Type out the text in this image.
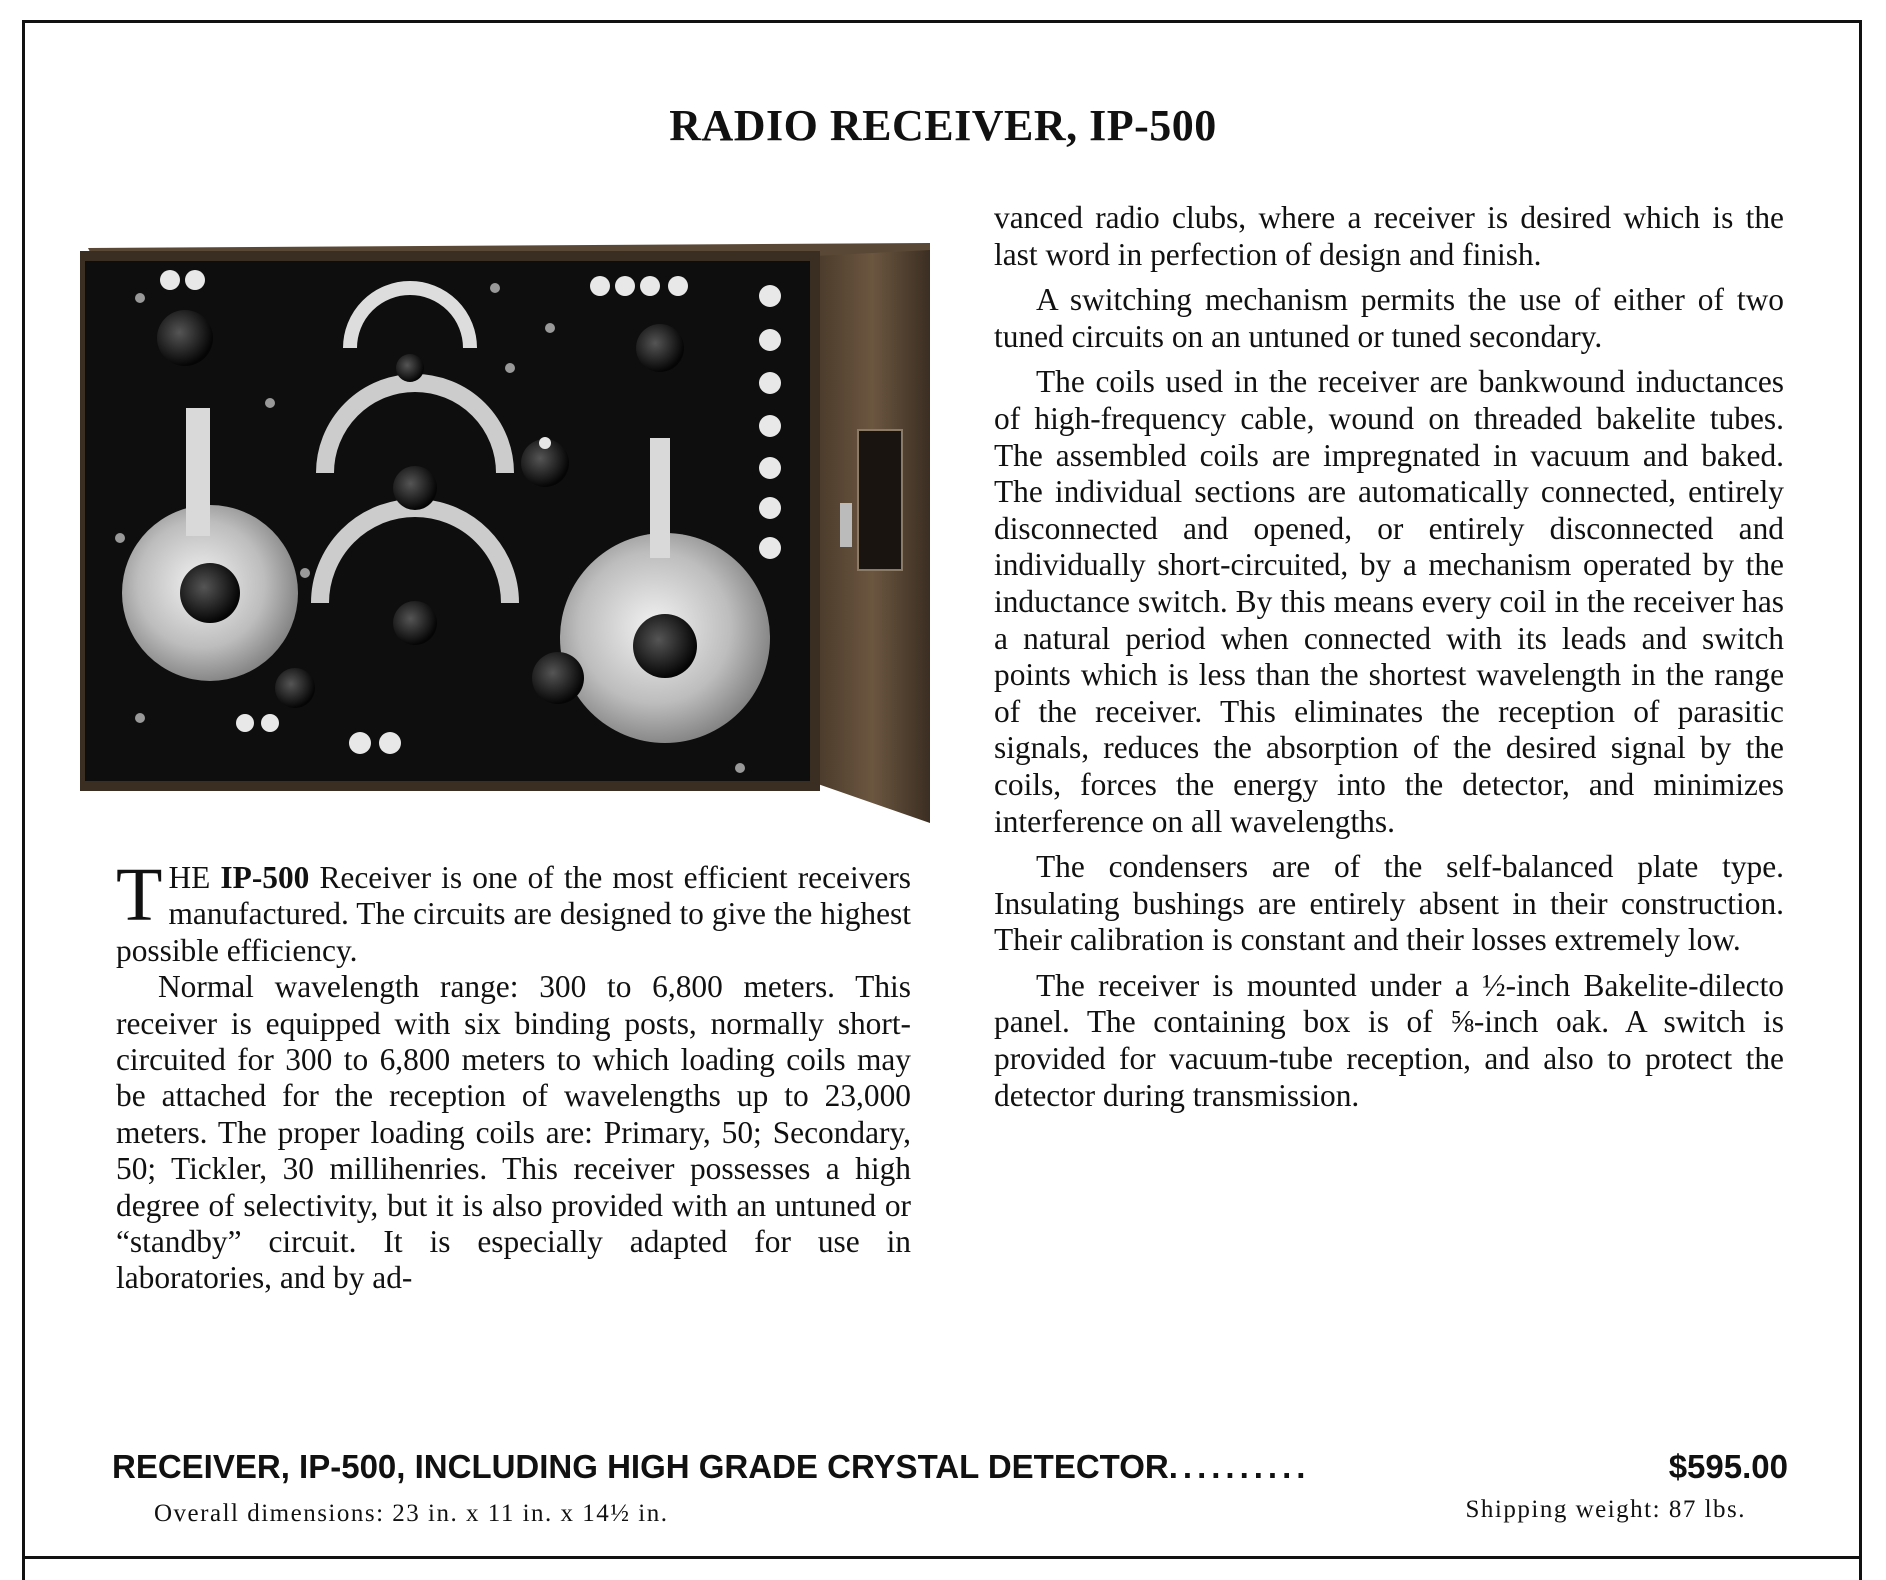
RADIO RECEIVER, IP-500

THE IP-500 Receiver is one of the most efficient receivers manufactured. The circuits are designed to give the highest possible efficiency.

Normal wavelength range: 300 to 6,800 meters. This receiver is equipped with six binding posts, normally short-circuited for 300 to 6,800 meters to which loading coils may be attached for the reception of wavelengths up to 23,000 meters. The proper loading coils are: Primary, 50; Secondary, 50; Tickler, 30 millihenries. This receiver possesses a high degree of selectivity, but it is also provided with an untuned or “standby” circuit. It is especially adapted for use in laboratories, and by ad-

vanced radio clubs, where a receiver is desired which is the last word in perfection of design and finish.

A switching mechanism permits the use of either of two tuned circuits on an untuned or tuned secondary.

The coils used in the receiver are bankwound inductances of high-frequency cable, wound on threaded bakelite tubes. The assembled coils are impregnated in vacuum and baked. The individual sections are automatically connected, entirely disconnected and opened, or entirely disconnected and individually short-circuited, by a mechanism operated by the inductance switch. By this means every coil in the receiver has a natural period when connected with its leads and switch points which is less than the shortest wavelength in the range of the receiver. This eliminates the reception of parasitic signals, reduces the absorption of the desired signal by the coils, forces the energy into the detector, and minimizes interference on all wavelengths.

The condensers are of the self-balanced plate type. Insulating bushings are entirely absent in their construction. Their calibration is constant and their losses extremely low.

The receiver is mounted under a ½-inch Bakelite-dilecto panel. The containing box is of ⅝-inch oak. A switch is provided for vacuum-tube reception, and also to protect the detector during transmission.

RECEIVER, IP-500, INCLUDING HIGH GRADE CRYSTAL DETECTOR ..........	$595.00
Overall dimensions: 23 in. x 11 in. x 14½ in.	Shipping weight: 87 lbs.
